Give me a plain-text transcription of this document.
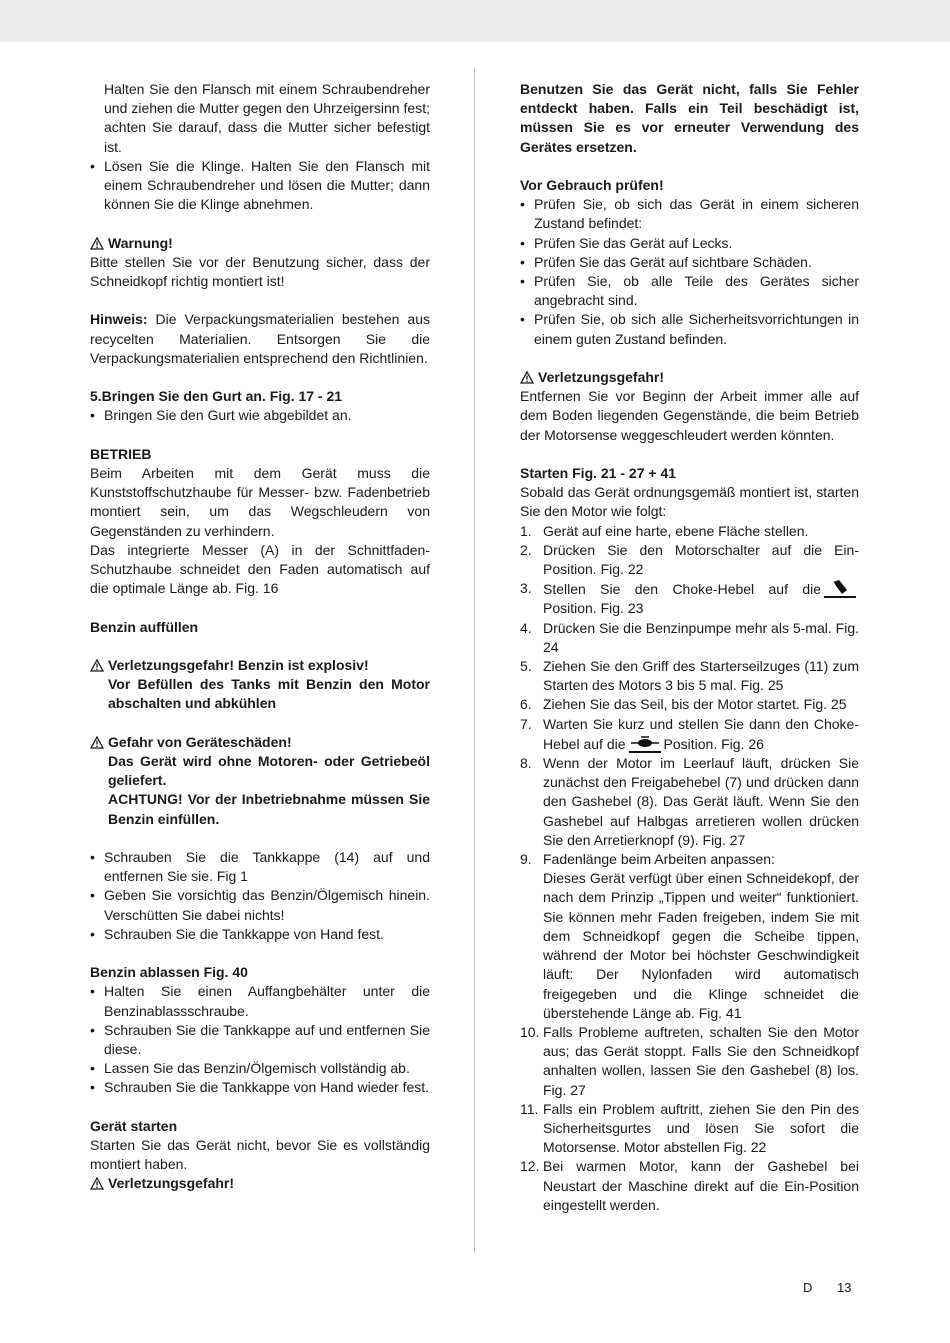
Halten Sie den Flansch mit einem Schraubendreher und ziehen die Mutter gegen den Uhrzeigersinn fest; achten Sie darauf, dass die Mutter sicher befestigt ist.

• Lösen Sie die Klinge. Halten Sie den Flansch mit einem Schraubendreher und lösen die Mutter; dann können Sie die Klinge abnehmen.

Warnung!

Bitte stellen Sie vor der Benutzung sicher, dass der Schneidkopf richtig montiert ist!

Hinweis: Die Verpackungsmaterialien bestehen aus recycelten Materialien. Entsorgen Sie die Verpackungsmaterialien entsprechend den Richtlinien.

5.Bringen Sie den Gurt an. Fig. 17 - 21

• Bringen Sie den Gurt wie abgebildet an.

BETRIEB

Beim Arbeiten mit dem Gerät muss die Kunststoffschutzhaube für Messer- bzw. Fadenbetrieb montiert sein, um das Wegschleudern von Gegenständen zu verhindern.

Das integrierte Messer (A) in der Schnittfaden-Schutzhaube schneidet den Faden automatisch auf die optimale Länge ab. Fig. 16

Benzin auffüllen

Verletzungsgefahr! Benzin ist explosiv!

Vor Befüllen des Tanks mit Benzin den Motor abschalten und abkühlen

Gefahr von Geräteschäden!

Das Gerät wird ohne Motoren- oder Getriebeöl geliefert.

ACHTUNG! Vor der Inbetriebnahme müssen Sie Benzin einfüllen.

• Schrauben Sie die Tankkappe (14) auf und entfernen Sie sie. Fig 1
• Geben Sie vorsichtig das Benzin/Ölgemisch hinein. Verschütten Sie dabei nichts!
• Schrauben Sie die Tankkappe von Hand fest.

Benzin ablassen Fig. 40

• Halten Sie einen Auffangbehälter unter die Benzinablassschraube.
• Schrauben Sie die Tankkappe auf und entfernen Sie diese.
• Lassen Sie das Benzin/Ölgemisch vollständig ab.
• Schrauben Sie die Tankkappe von Hand wieder fest.

Gerät starten

Starten Sie das Gerät nicht, bevor Sie es vollständig montiert haben.

Verletzungsgefahr!

Benutzen Sie das Gerät nicht, falls Sie Fehler entdeckt haben. Falls ein Teil beschädigt ist, müssen Sie es vor erneuter Verwendung des Gerätes ersetzen.

Vor Gebrauch prüfen!

• Prüfen Sie, ob sich das Gerät in einem sicheren Zustand befindet:
• Prüfen Sie das Gerät auf Lecks.
• Prüfen Sie das Gerät auf sichtbare Schäden.
• Prüfen Sie, ob alle Teile des Gerätes sicher angebracht sind.
• Prüfen Sie, ob sich alle Sicherheitsvorrichtungen in einem guten Zustand befinden.

Verletzungsgefahr!

Entfernen Sie vor Beginn der Arbeit immer alle auf dem Boden liegenden Gegenstände, die beim Betrieb der Motorsense weggeschleudert werden könnten.

Starten Fig. 21 - 27 + 41

Sobald das Gerät ordnungsgemäß montiert ist, starten Sie den Motor wie folgt:

1. Gerät auf eine harte, ebene Fläche stellen.
2. Drücken Sie den Motorschalter auf die Ein-Position. Fig. 22
3. Stellen Sie den Choke-Hebel auf die
Position. Fig. 23
4. Drücken Sie die Benzinpumpe mehr als 5-mal. Fig. 24
5. Ziehen Sie den Griff des Starterseilzuges (11) zum Starten des Motors 3 bis 5 mal. Fig. 25
6. Ziehen Sie das Seil, bis der Motor startet. Fig. 25
7. Warten Sie kurz und stellen Sie dann den Choke-Hebel auf die	Position. Fig. 26
8. Wenn der Motor im Leerlauf läuft, drücken Sie zunächst den Freigabehebel (7) und drücken dann den Gashebel (8). Das Gerät läuft. Wenn Sie den Gashebel auf Halbgas arretieren wollen drücken Sie den Arretierknopf (9). Fig. 27
9. Fadenlänge beim Arbeiten anpassen:
Dieses Gerät verfügt über einen Schneidekopf, der nach dem Prinzip „Tippen und weiter“ funktioniert. Sie können mehr Faden freigeben, indem Sie mit dem Schneidkopf gegen die Scheibe tippen, während der Motor bei höchster Geschwindigkeit läuft: Der Nylonfaden wird automatisch freigegeben und die Klinge schneidet die überstehende Länge ab. Fig. 41
10. Falls Probleme auftreten, schalten Sie den Motor aus; das Gerät stoppt. Falls Sie den Schneidkopf anhalten wollen, lassen Sie den Gashebel (8) los. Fig. 27
11. Falls ein Problem auftritt, ziehen Sie den Pin des Sicherheitsgurtes und lösen Sie sofort die Motorsense. Motor abstellen Fig. 22
12. Bei warmen Motor, kann der Gashebel bei Neustart der Maschine direkt auf die Ein-Position eingestellt werden.
D 13
